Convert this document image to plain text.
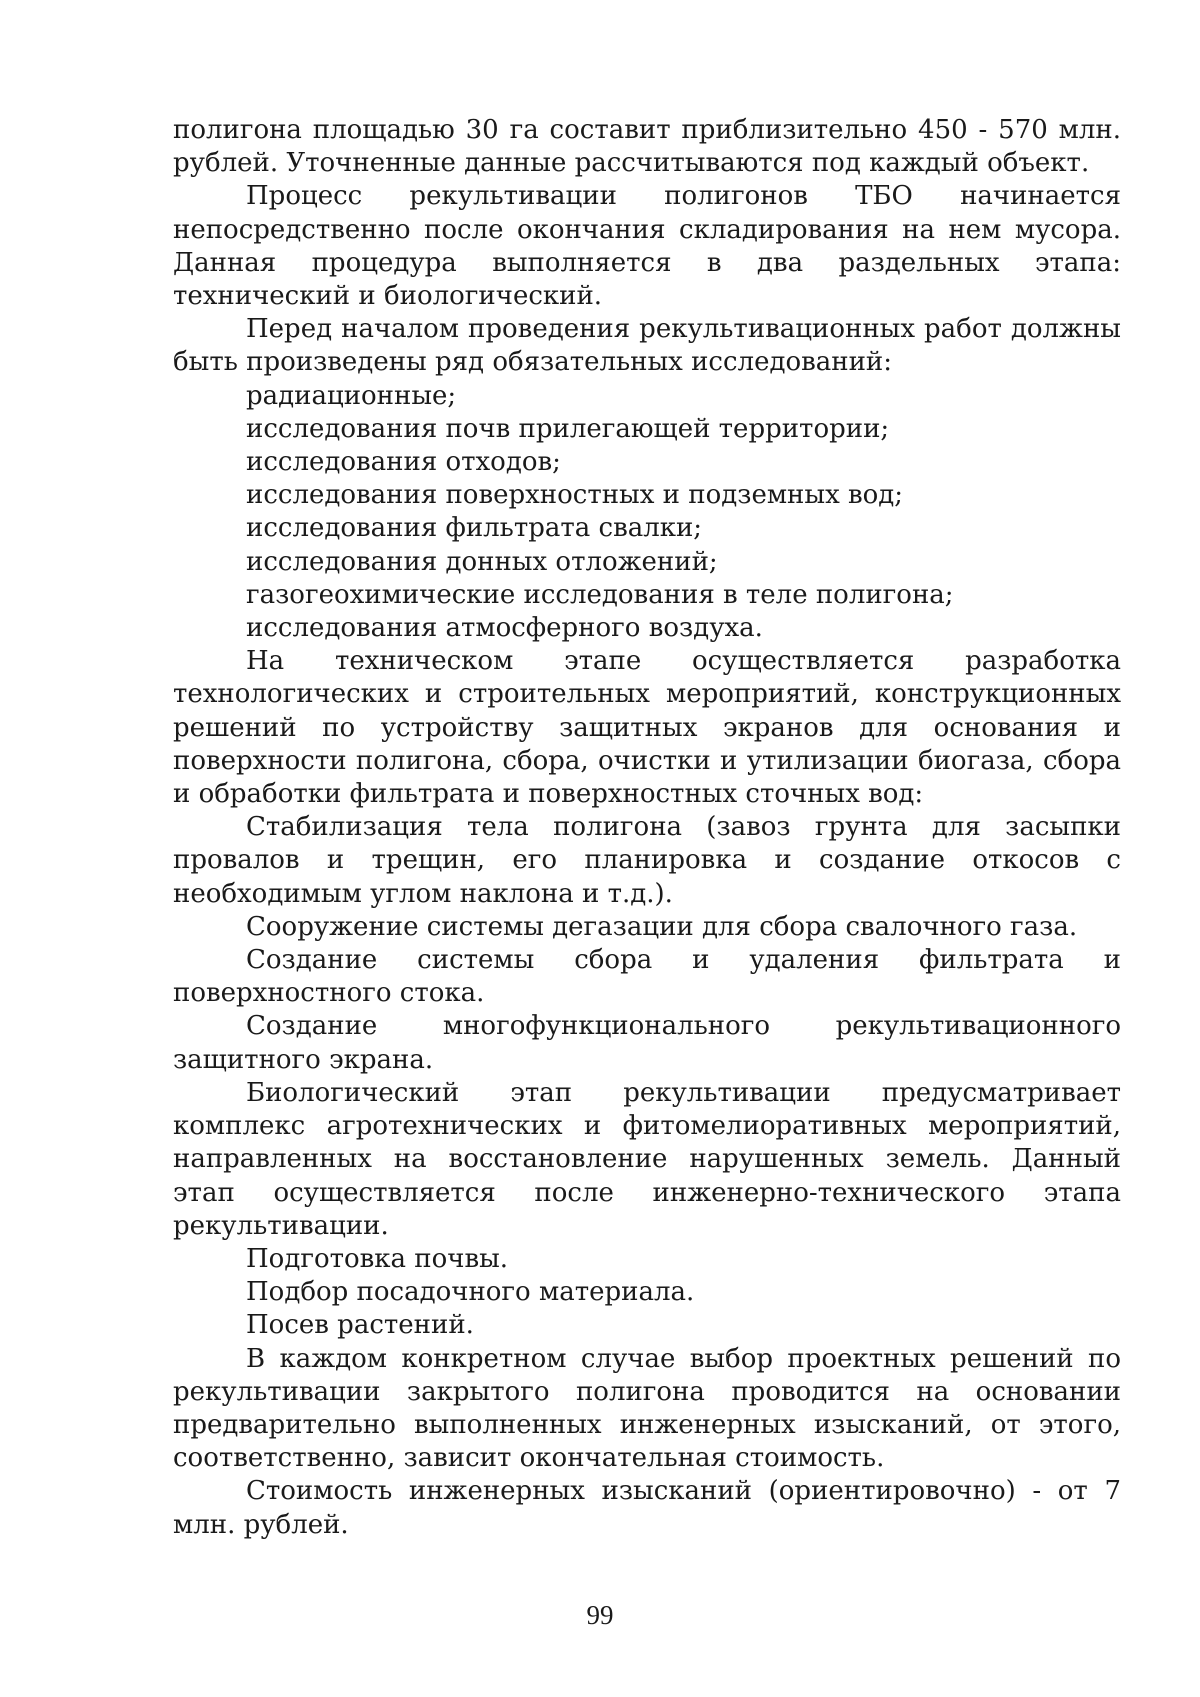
полигона площадью 30 га составит приблизительно 450 - 570 млн. рублей. Уточненные данные рассчитываются под каждый объект.

Процесс рекультивации полигонов ТБО начинается непосредственно после окончания складирования на нем мусора. Данная процедура выполняется в два раздельных этапа: технический и биологический.

Перед началом проведения рекультивационных работ должны быть произведены ряд обязательных исследований:

радиационные;

исследования почв прилегающей территории;

исследования отходов;

исследования поверхностных и подземных вод;

исследования фильтрата свалки;

исследования донных отложений;

газогеохимические исследования в теле полигона;

исследования атмосферного воздуха.

На техническом этапе осуществляется разработка технологических и строительных мероприятий, конструкционных решений по устройству защитных экранов для основания и поверхности полигона, сбора, очистки и утилизации биогаза, сбора и обработки фильтрата и поверхностных сточных вод:

Стабилизация тела полигона (завоз грунта для засыпки провалов и трещин, его планировка и создание откосов с необходимым углом наклона и т.д.).

Сооружение системы дегазации для сбора свалочного газа.

Создание системы сбора и удаления фильтрата и поверхностного стока.

Создание многофункционального рекультивационного защитного экрана.

Биологический этап рекультивации предусматривает комплекс агротехнических и фитомелиоративных мероприятий, направленных на восстановление нарушенных земель. Данный этап осуществляется после инженерно-технического этапа рекультивации.

Подготовка почвы.

Подбор посадочного материала.

Посев растений.

В каждом конкретном случае выбор проектных решений по рекультивации закрытого полигона проводится на основании предварительно выполненных инженерных изысканий, от этого, соответственно, зависит окончательная стоимость.

Стоимость инженерных изысканий (ориентировочно) - от 7 млн. рублей.

99
